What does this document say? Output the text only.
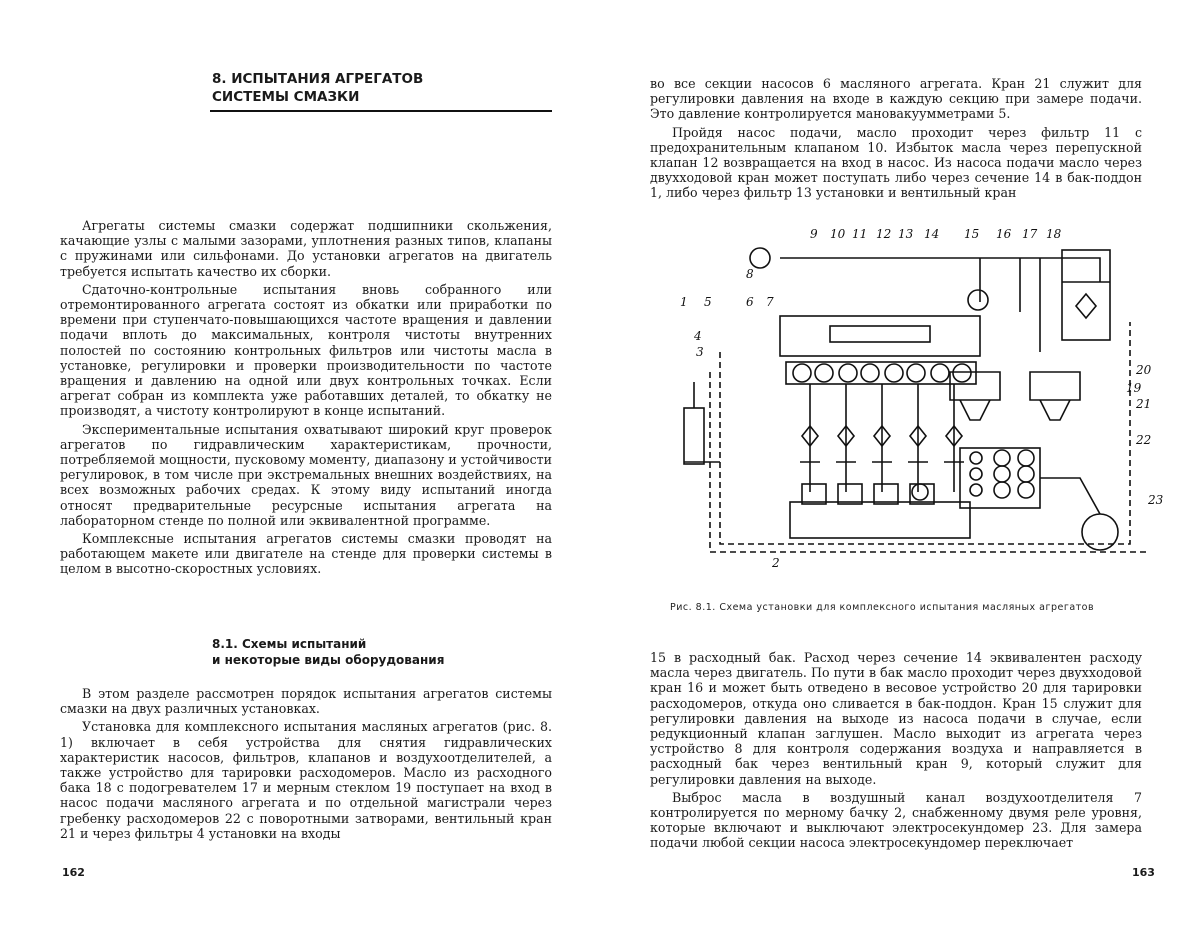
8. ИСПЫТАНИЯ АГРЕГАТОВ
СИСТЕМЫ СМАЗКИ

Агрегаты системы смазки содержат подшипники скольжения, качающие узлы с малыми зазорами, уплотнения разных типов, клапаны с пружинами или сильфонами. До установки агрегатов на двигатель требуется испытать качество их сборки.

Сдаточно-контрольные испытания вновь собранного или отремонтированного агрегата состоят из обкатки или приработки по времени при ступенчато-повышающихся частоте вращения и давлении подачи вплоть до максимальных, контроля чистоты внутренних полостей по состоянию контрольных фильтров или чистоты масла в установке, регулировки и проверки производительности по частоте вращения и давлению на одной или двух контрольных точках. Если агрегат собран из комплекта уже работавших деталей, то обкатку не производят, а чистоту контролируют в конце испытаний.

Экспериментальные испытания охватывают широкий круг проверок агрегатов по гидравлическим характеристикам, прочности, потребляемой мощности, пусковому моменту, диапазону и устойчивости регулировок, в том числе при экстремальных внешних воздействиях, на всех возможных рабочих средах. К этому виду испытаний иногда относят предварительные ресурсные испытания агрегата на лабораторном стенде по полной или эквивалентной программе.

Комплексные испытания агрегатов системы смазки проводят на работающем макете или двигателе на стенде для проверки системы в целом в высотно-скоростных условиях.

8.1. Схемы испытаний
и некоторые виды оборудования

В этом разделе рассмотрен порядок испытания агрегатов системы смазки на двух различных установках.

Установка для комплексного испытания масляных агрегатов (рис. 8. 1) включает в себя устройства для снятия гидравлических характеристик насосов, фильтров, клапанов и воздухоотделителей, а также устройство для тарировки расходомеров. Масло из расходного бака 18 с подогревателем 17 и мерным стеклом 19 поступает на вход в насос подачи масляного агрегата и по отдельной магистрали через гребенку расходомеров 22 с поворотными затворами, вентильный кран 21 и через фильтры 4 установки на входы

162

во все секции насосов 6 масляного агрегата. Кран 21 служит для регулировки давления на входе в каждую секцию при замере подачи. Это давление контролируется мановакуумметрами 5.

Пройдя насос подачи, масло проходит через фильтр 11 с предохранительным клапаном 10. Избыток масла через перепускной клапан 12 возвращается на вход в насос. Из насоса подачи масло через двухходовой кран может поступать либо через сечение 14 в бак-поддон 1, либо через фильтр 13 установки и вентильный кран

1
2
3
4
5	6 7
8
9 10 11 12 13 14 15 16 17 18
19
20
21
22
23
Рис. 8.1. Схема установки для комплексного испытания масляных агрегатов

15 в расходный бак. Расход через сечение 14 эквивалентен расходу масла через двигатель. По пути в бак масло проходит через двухходовой кран 16 и может быть отведено в весовое устройство 20 для тарировки расходомеров, откуда оно сливается в бак-поддон. Кран 15 служит для регулировки давления на выходе из насоса подачи в случае, если редукционный клапан заглушен. Масло выходит из агрегата через устройство 8 для контроля содержания воздуха и направляется в расходный бак через вентильный кран 9, который служит для регулировки давления на выходе.

Выброс масла в воздушный канал воздухоотделителя 7 контролируется по мерному бачку 2, снабженному двумя реле уровня, которые включают и выключают электросекундомер 23. Для замера подачи любой секции насоса электросекундомер переключает

163
